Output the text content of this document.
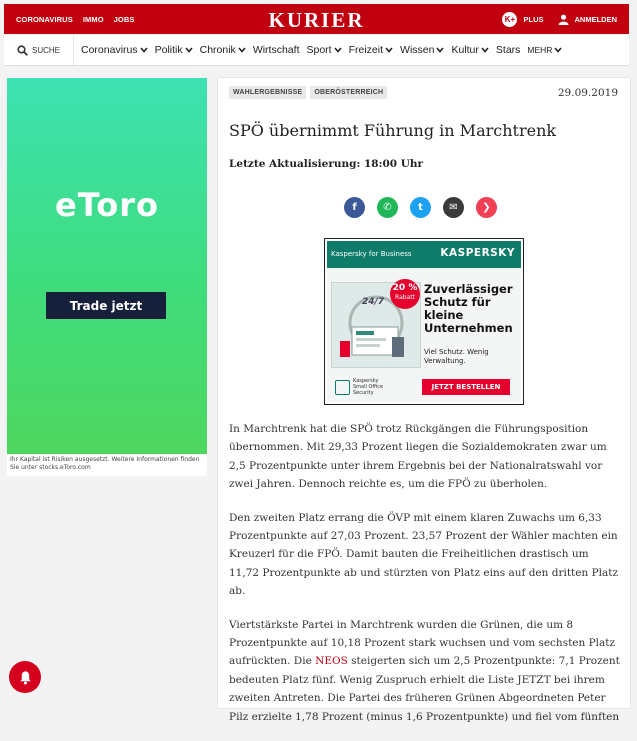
CORONAVIRUS IMMO JOBS	KURIER	K+	PLUS	ANMELDEN
SUCHE Coronavirus Politik Chronik Wirtschaft Sport Freizeit Wissen Kultur Stars MEHR
eToro
Trade jetzt
Ihr Kapital ist Risiken ausgesetzt. Weitere Informationen finden Sie unter stocks.eToro.com
WAHLERGEBNISSE	OBERÖSTERREICH	29.09.2019
SPÖ übernimmt Führung in Marchtrenk
Letzte Aktualisierung: 18:00 Uhr
f	✆	t	✉	❯
Kaspersky for Business	KASPERSKY
24/7
20 %
Rabatt
Zuverlässiger Schutz für kleine Unternehmen
Viel Schutz. Wenig Verwaltung.
Kaspersky Small Office Security
JETZT BESTELLEN

In Marchtrenk hat die SPÖ trotz Rückgängen die Führungsposition übernommen. Mit 29,33 Prozent liegen die Sozialdemokraten zwar um 2,5 Prozentpunkte unter ihrem Ergebnis bei der Nationalratswahl vor zwei Jahren. Dennoch reichte es, um die FPÖ zu überholen.

Den zweiten Platz errang die ÖVP mit einem klaren Zuwachs um 6,33 Prozentpunkte auf 27,03 Prozent. 23,57 Prozent der Wähler machten ein Kreuzerl für die FPÖ. Damit bauten die Freiheitlichen drastisch um 11,72 Prozentpunkte ab und stürzten von Platz eins auf den dritten Platz ab.

Viertstärkste Partei in Marchtrenk wurden die Grünen, die um 8 Prozentpunkte auf 10,18 Prozent stark wuchsen und vom sechsten Platz aufrückten. Die NEOS steigerten sich um 2,5 Prozentpunkte: 7,1 Prozent bedeuten Platz fünf. Wenig Zuspruch erhielt die Liste JETZT bei ihrem zweiten Antreten. Die Partei des früheren Grünen Abgeordneten Peter Pilz erzielte 1,78 Prozent (minus 1,6 Prozentpunkte) und fiel vom fünften
